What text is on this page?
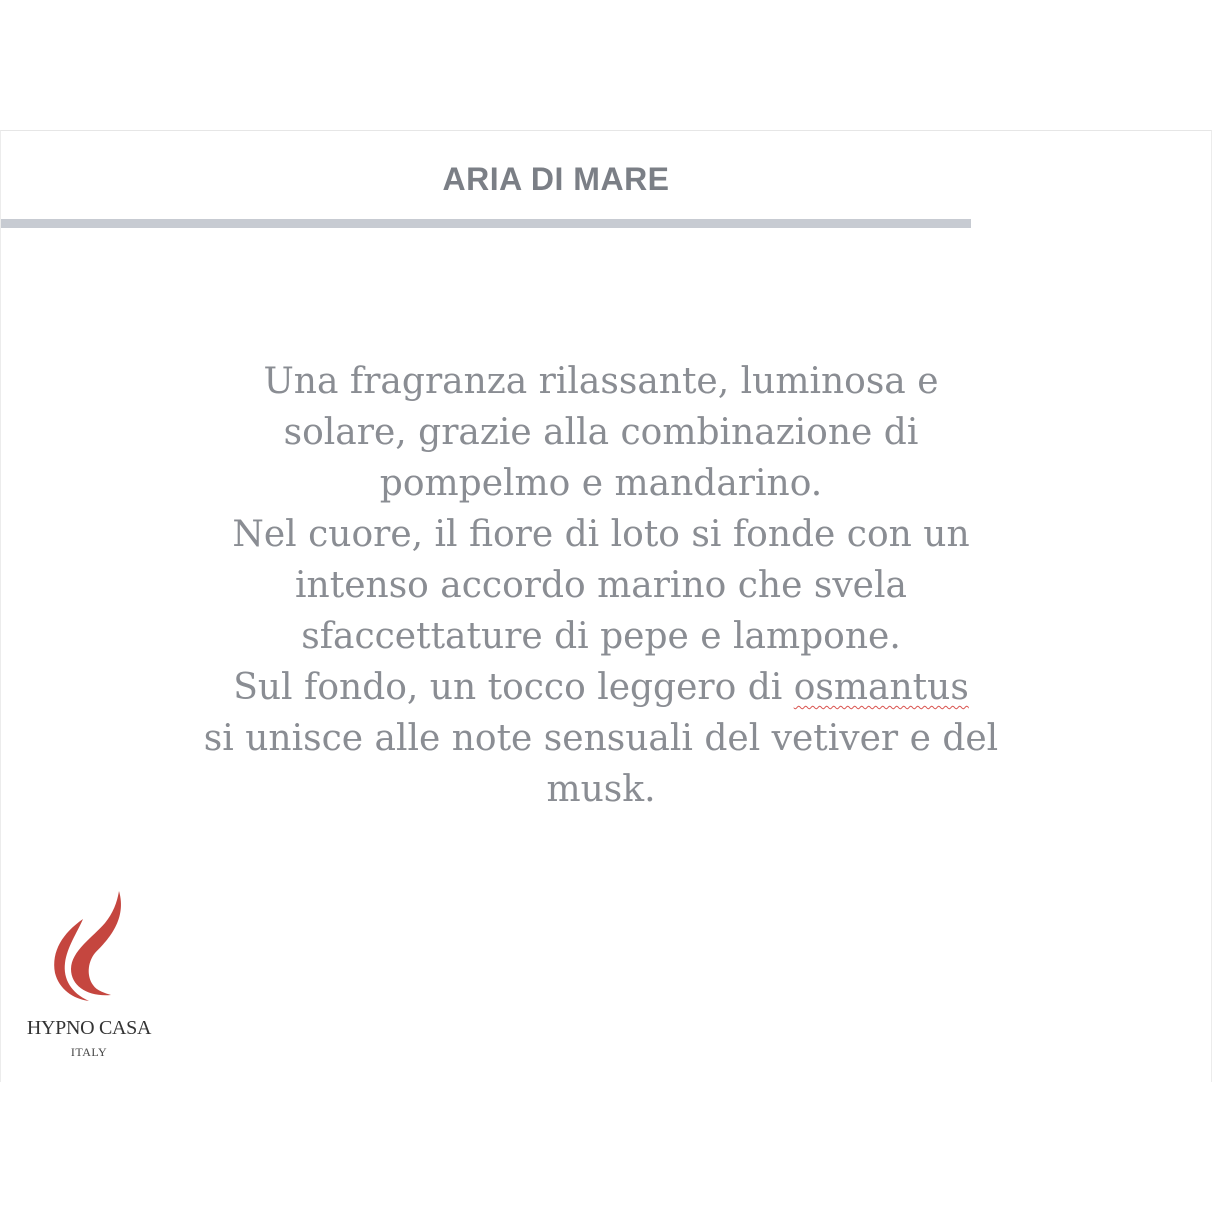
ARIA DI MARE
Una fragranza rilassante, luminosa e
solare, grazie alla combinazione di
pompelmo e mandarino.
Nel cuore, il fiore di loto si fonde con un
intenso accordo marino che svela
sfaccettature di pepe e lampone.
Sul fondo, un tocco leggero di osmantus
si unisce alle note sensuali del vetiver e del
musk.
HYPNO CASA
ITALY
